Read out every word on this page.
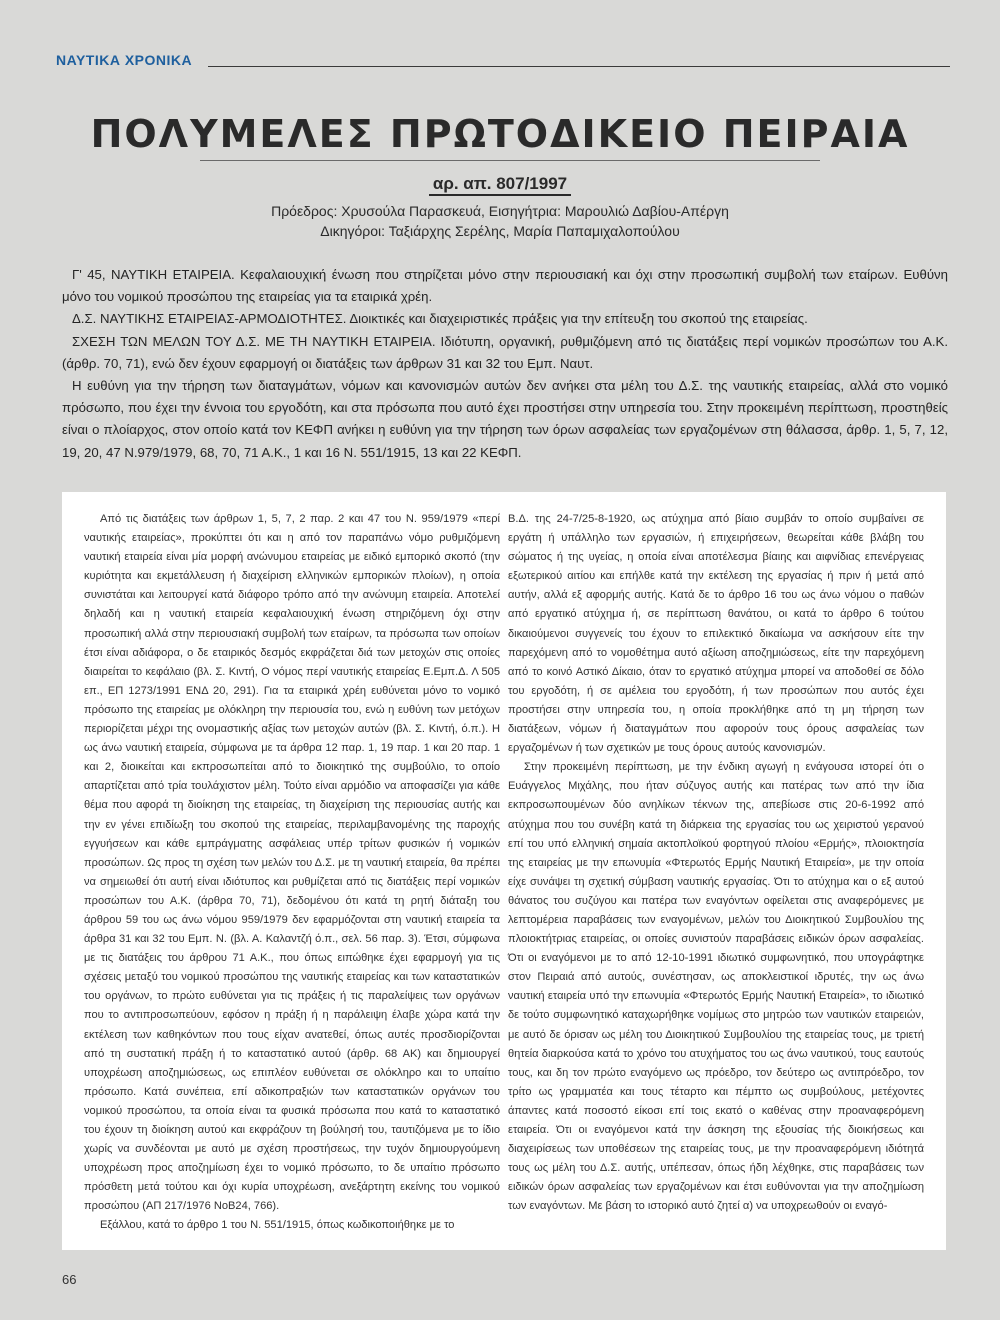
ΝΑΥΤΙΚΑ ΧΡΟΝΙΚΑ
ΠΟΛΥΜΕΛΕΣ ΠΡΩΤΟΔΙΚΕΙΟ ΠΕΙΡΑΙΑ
αρ. απ. 807/1997
Πρόεδρος: Χρυσούλα Παρασκευά, Εισηγήτρια: Μαρουλιώ Δαβίου-Απέργη
Δικηγόροι: Ταξιάρχης Σερέλης, Μαρία Παπαμιχαλοπούλου

Γ' 45, ΝΑΥΤΙΚΗ ΕΤΑΙΡΕΙΑ. Κεφαλαιουχική ένωση που στηρίζεται μόνο στην περιουσιακή και όχι στην προσωπική συμβολή των εταίρων. Ευθύνη μόνο του νομικού προσώπου της εταιρείας για τα εταιρικά χρέη.

Δ.Σ. ΝΑΥΤΙΚΗΣ ΕΤΑΙΡΕΙΑΣ-ΑΡΜΟΔΙΟΤΗΤΕΣ. Διοικτικές και διαχειριστικές πράξεις για την επίτευξη του σκοπού της εταιρείας.

ΣΧΕΣΗ ΤΩΝ ΜΕΛΩΝ ΤΟΥ Δ.Σ. ΜΕ ΤΗ ΝΑΥΤΙΚΗ ΕΤΑΙΡΕΙΑ. Ιδιότυπη, οργανική, ρυθμιζόμενη από τις διατάξεις περί νομικών προσώπων του Α.Κ. (άρθρ. 70, 71), ενώ δεν έχουν εφαρμογή οι διατάξεις των άρθρων 31 και 32 του Εμπ. Ναυτ.

Η ευθύνη για την τήρηση των διαταγμάτων, νόμων και κανονισμών αυτών δεν ανήκει στα μέλη του Δ.Σ. της ναυτικής εταιρείας, αλλά στο νομικό πρόσωπο, που έχει την έννοια του εργοδότη, και στα πρόσωπα που αυτό έχει προστήσει στην υπηρεσία του. Στην προκειμένη περίπτωση, προστηθείς είναι ο πλοίαρχος, στον οποίο κατά τον ΚΕΦΠ ανήκει η ευθύνη για την τήρηση των όρων ασφαλείας των εργαζομένων στη θάλασσα, άρθρ. 1, 5, 7, 12, 19, 20, 47 Ν.979/1979, 68, 70, 71 Α.Κ., 1 και 16 Ν. 551/1915, 13 και 22 ΚΕΦΠ.

Από τις διατάξεις των άρθρων 1, 5, 7, 2 παρ. 2 και 47 του Ν. 959/1979 «περί ναυτικής εταιρείας», προκύπτει ότι και η από τον παραπάνω νόμο ρυθμιζόμενη ναυτική εταιρεία είναι μία μορφή ανώνυμου εταιρείας με ειδικό εμπορικό σκοπό (την κυριότητα και εκμετάλλευση ή διαχείριση ελληνικών εμπορικών πλοίων), η οποία συνιστάται και λειτουργεί κατά διάφορο τρόπο από την ανώνυμη εταιρεία. Αποτελεί δηλαδή και η ναυτική εταιρεία κεφαλαιουχική ένωση στηριζόμενη όχι στην προσωπική αλλά στην περιουσιακή συμβολή των εταίρων, τα πρόσωπα των οποίων έτσι είναι αδιάφορα, ο δε εταιρικός δεσμός εκφράζεται διά των μετοχών στις οποίες διαιρείται το κεφάλαιο (βλ. Σ. Κιντή, Ο νόμος περί ναυτικής εταιρείας Ε.Εμπ.Δ. Λ 505 επ., ΕΠ 1273/1991 ΕΝΔ 20, 291). Για τα εταιρικά χρέη ευθύνεται μόνο το νομικό πρόσωπο της εταιρείας με ολόκληρη την περιουσία του, ενώ η ευθύνη των μετόχων περιορίζεται μέχρι της ονομαστικής αξίας των μετοχών αυτών (βλ. Σ. Κιντή, ό.π.). Η ως άνω ναυτική εταιρεία, σύμφωνα με τα άρθρα 12 παρ. 1, 19 παρ. 1 και 20 παρ. 1 και 2, διοικείται και εκπροσωπείται από το διοικητικό της συμβούλιο, το οποίο απαρτίζεται από τρία τουλάχιστον μέλη. Τούτο είναι αρμόδιο να αποφασίζει για κάθε θέμα που αφορά τη διοίκηση της εταιρείας, τη διαχείριση της περιουσίας αυτής και την εν γένει επιδίωξη του σκοπού της εταιρείας, περιλαμβανομένης της παροχής εγγυήσεων και κάθε εμπράγματης ασφάλειας υπέρ τρίτων φυσικών ή νομικών προσώπων. Ως προς τη σχέση των μελών του Δ.Σ. με τη ναυτική εταιρεία, θα πρέπει να σημειωθεί ότι αυτή είναι ιδιότυπος και ρυθμίζεται από τις διατάξεις περί νομικών προσώπων του Α.Κ. (άρθρα 70, 71), δεδομένου ότι κατά τη ρητή διάταξη του άρθρου 59 του ως άνω νόμου 959/1979 δεν εφαρμόζονται στη ναυτική εταιρεία τα άρθρα 31 και 32 του Εμπ. Ν. (βλ. Α. Καλαντζή ό.π., σελ. 56 παρ. 3). Έτσι, σύμφωνα με τις διατάξεις του άρθρου 71 Α.Κ., που όπως ειπώθηκε έχει εφαρμογή για τις σχέσεις μεταξύ του νομικού προσώπου της ναυτικής εταιρείας και των καταστατικών του οργάνων, το πρώτο ευθύνεται για τις πράξεις ή τις παραλείψεις των οργάνων που το αντιπροσωπεύουν, εφόσον η πράξη ή η παράλειψη έλαβε χώρα κατά την εκτέλεση των καθηκόντων που τους είχαν ανατεθεί, όπως αυτές προσδιορίζονται από τη συστατική πράξη ή το καταστατικό αυτού (άρθρ. 68 ΑΚ) και δημιουργεί υποχρέωση αποζημιώσεως, ως επιπλέον ευθύνεται σε ολόκληρο και το υπαίτιο πρόσωπο. Κατά συνέπεια, επί αδικοπραξιών των καταστατικών οργάνων του νομικού προσώπου, τα οποία είναι τα φυσικά πρόσωπα που κατά το καταστατικό του έχουν τη διοίκηση αυτού και εκφράζουν τη βούλησή του, ταυτιζόμενα με το ίδιο χωρίς να συνδέονται με αυτό με σχέση προστήσεως, την τυχόν δημιουργούμενη υποχρέωση προς αποζημίωση έχει το νομικό πρόσωπο, το δε υπαίτιο πρόσωπο πρόσθετη μετά τούτου και όχι κυρία υποχρέωση, ανεξάρτητη εκείνης του νομικού προσώπου (ΑΠ 217/1976 ΝοΒ24, 766).

Εξάλλου, κατά το άρθρο 1 του Ν. 551/1915, όπως κωδικοποιήθηκε με το

Β.Δ. της 24-7/25-8-1920, ως ατύχημα από βίαιο συμβάν το οποίο συμβαίνει σε εργάτη ή υπάλληλο των εργασιών, ή επιχειρήσεων, θεωρείται κάθε βλάβη του σώματος ή της υγείας, η οποία είναι αποτέλεσμα βίαιης και αιφνίδιας επενέργειας εξωτερικού αιτίου και επήλθε κατά την εκτέλεση της εργασίας ή πριν ή μετά από αυτήν, αλλά εξ αφορμής αυτής. Κατά δε το άρθρο 16 του ως άνω νόμου ο παθών από εργατικό ατύχημα ή, σε περίπτωση θανάτου, οι κατά το άρθρο 6 τούτου δικαιούμενοι συγγενείς του έχουν το επιλεκτικό δικαίωμα να ασκήσουν είτε την παρεχόμενη από το νομοθέτημα αυτό αξίωση αποζημιώσεως, είτε την παρεχόμενη από το κοινό Αστικό Δίκαιο, όταν το εργατικό ατύχημα μπορεί να αποδοθεί σε δόλο του εργοδότη, ή σε αμέλεια του εργοδότη, ή των προσώπων που αυτός έχει προστήσει στην υπηρεσία του, η οποία προκλήθηκε από τη μη τήρηση των διατάξεων, νόμων ή διαταγμάτων που αφορούν τους όρους ασφαλείας των εργαζομένων ή των σχετικών με τους όρους αυτούς κανονισμών.

Στην προκειμένη περίπτωση, με την ένδικη αγωγή η ενάγουσα ιστορεί ότι ο Ευάγγελος Μιχάλης, που ήταν σύζυγος αυτής και πατέρας των από την ίδια εκπροσωπουμένων δύο ανηλίκων τέκνων της, απεβίωσε στις 20-6-1992 από ατύχημα που του συνέβη κατά τη διάρκεια της εργασίας του ως χειριστού γερανού επί του υπό ελληνική σημαία ακτοπλοϊκού φορτηγού πλοίου «Ερμής», πλοιοκτησία της εταιρείας με την επωνυμία «Φτερωτός Ερμής Ναυτική Εταιρεία», με την οποία είχε συνάψει τη σχετική σύμβαση ναυτικής εργασίας. Ότι το ατύχημα και ο εξ αυτού θάνατος του συζύγου και πατέρα των εναγόντων οφείλεται στις αναφερόμενες με λεπτομέρεια παραβάσεις των εναγομένων, μελών του Διοικητικού Συμβουλίου της πλοιοκτήτριας εταιρείας, οι οποίες συνιστούν παραβάσεις ειδικών όρων ασφαλείας. Ότι οι εναγόμενοι με το από 12-10-1991 ιδιωτικό συμφωνητικό, που υπογράφτηκε στον Πειραιά από αυτούς, συνέστησαν, ως αποκλειστικοί ιδρυτές, την ως άνω ναυτική εταιρεία υπό την επωνυμία «Φτερωτός Ερμής Ναυτική Εταιρεία», το ιδιωτικό δε τούτο συμφωνητικό καταχωρήθηκε νομίμως στο μητρώο των ναυτικών εταιρειών, με αυτό δε όρισαν ως μέλη του Διοικητικού Συμβουλίου της εταιρείας τους, με τριετή θητεία διαρκούσα κατά το χρόνο του ατυχήματος του ως άνω ναυτικού, τους εαυτούς τους, και δη τον πρώτο εναγόμενο ως πρόεδρο, τον δεύτερο ως αντιπρόεδρο, τον τρίτο ως γραμματέα και τους τέταρτο και πέμπτο ως συμβούλους, μετέχοντες άπαντες κατά ποσοστό είκοσι επί τοις εκατό ο καθένας στην προαναφερόμενη εταιρεία. Ότι οι εναγόμενοι κατά την άσκηση της εξουσίας τής διοικήσεως και διαχειρίσεως των υποθέσεων της εταιρείας τους, με την προαναφερόμενη ιδιότητά τους ως μέλη του Δ.Σ. αυτής, υπέπεσαν, όπως ήδη λέχθηκε, στις παραβάσεις των ειδικών όρων ασφαλείας των εργαζομένων και έτσι ευθύνονται για την αποζημίωση των εναγόντων. Με βάση το ιστορικό αυτό ζητεί α) να υποχρεωθούν οι εναγό-

66
